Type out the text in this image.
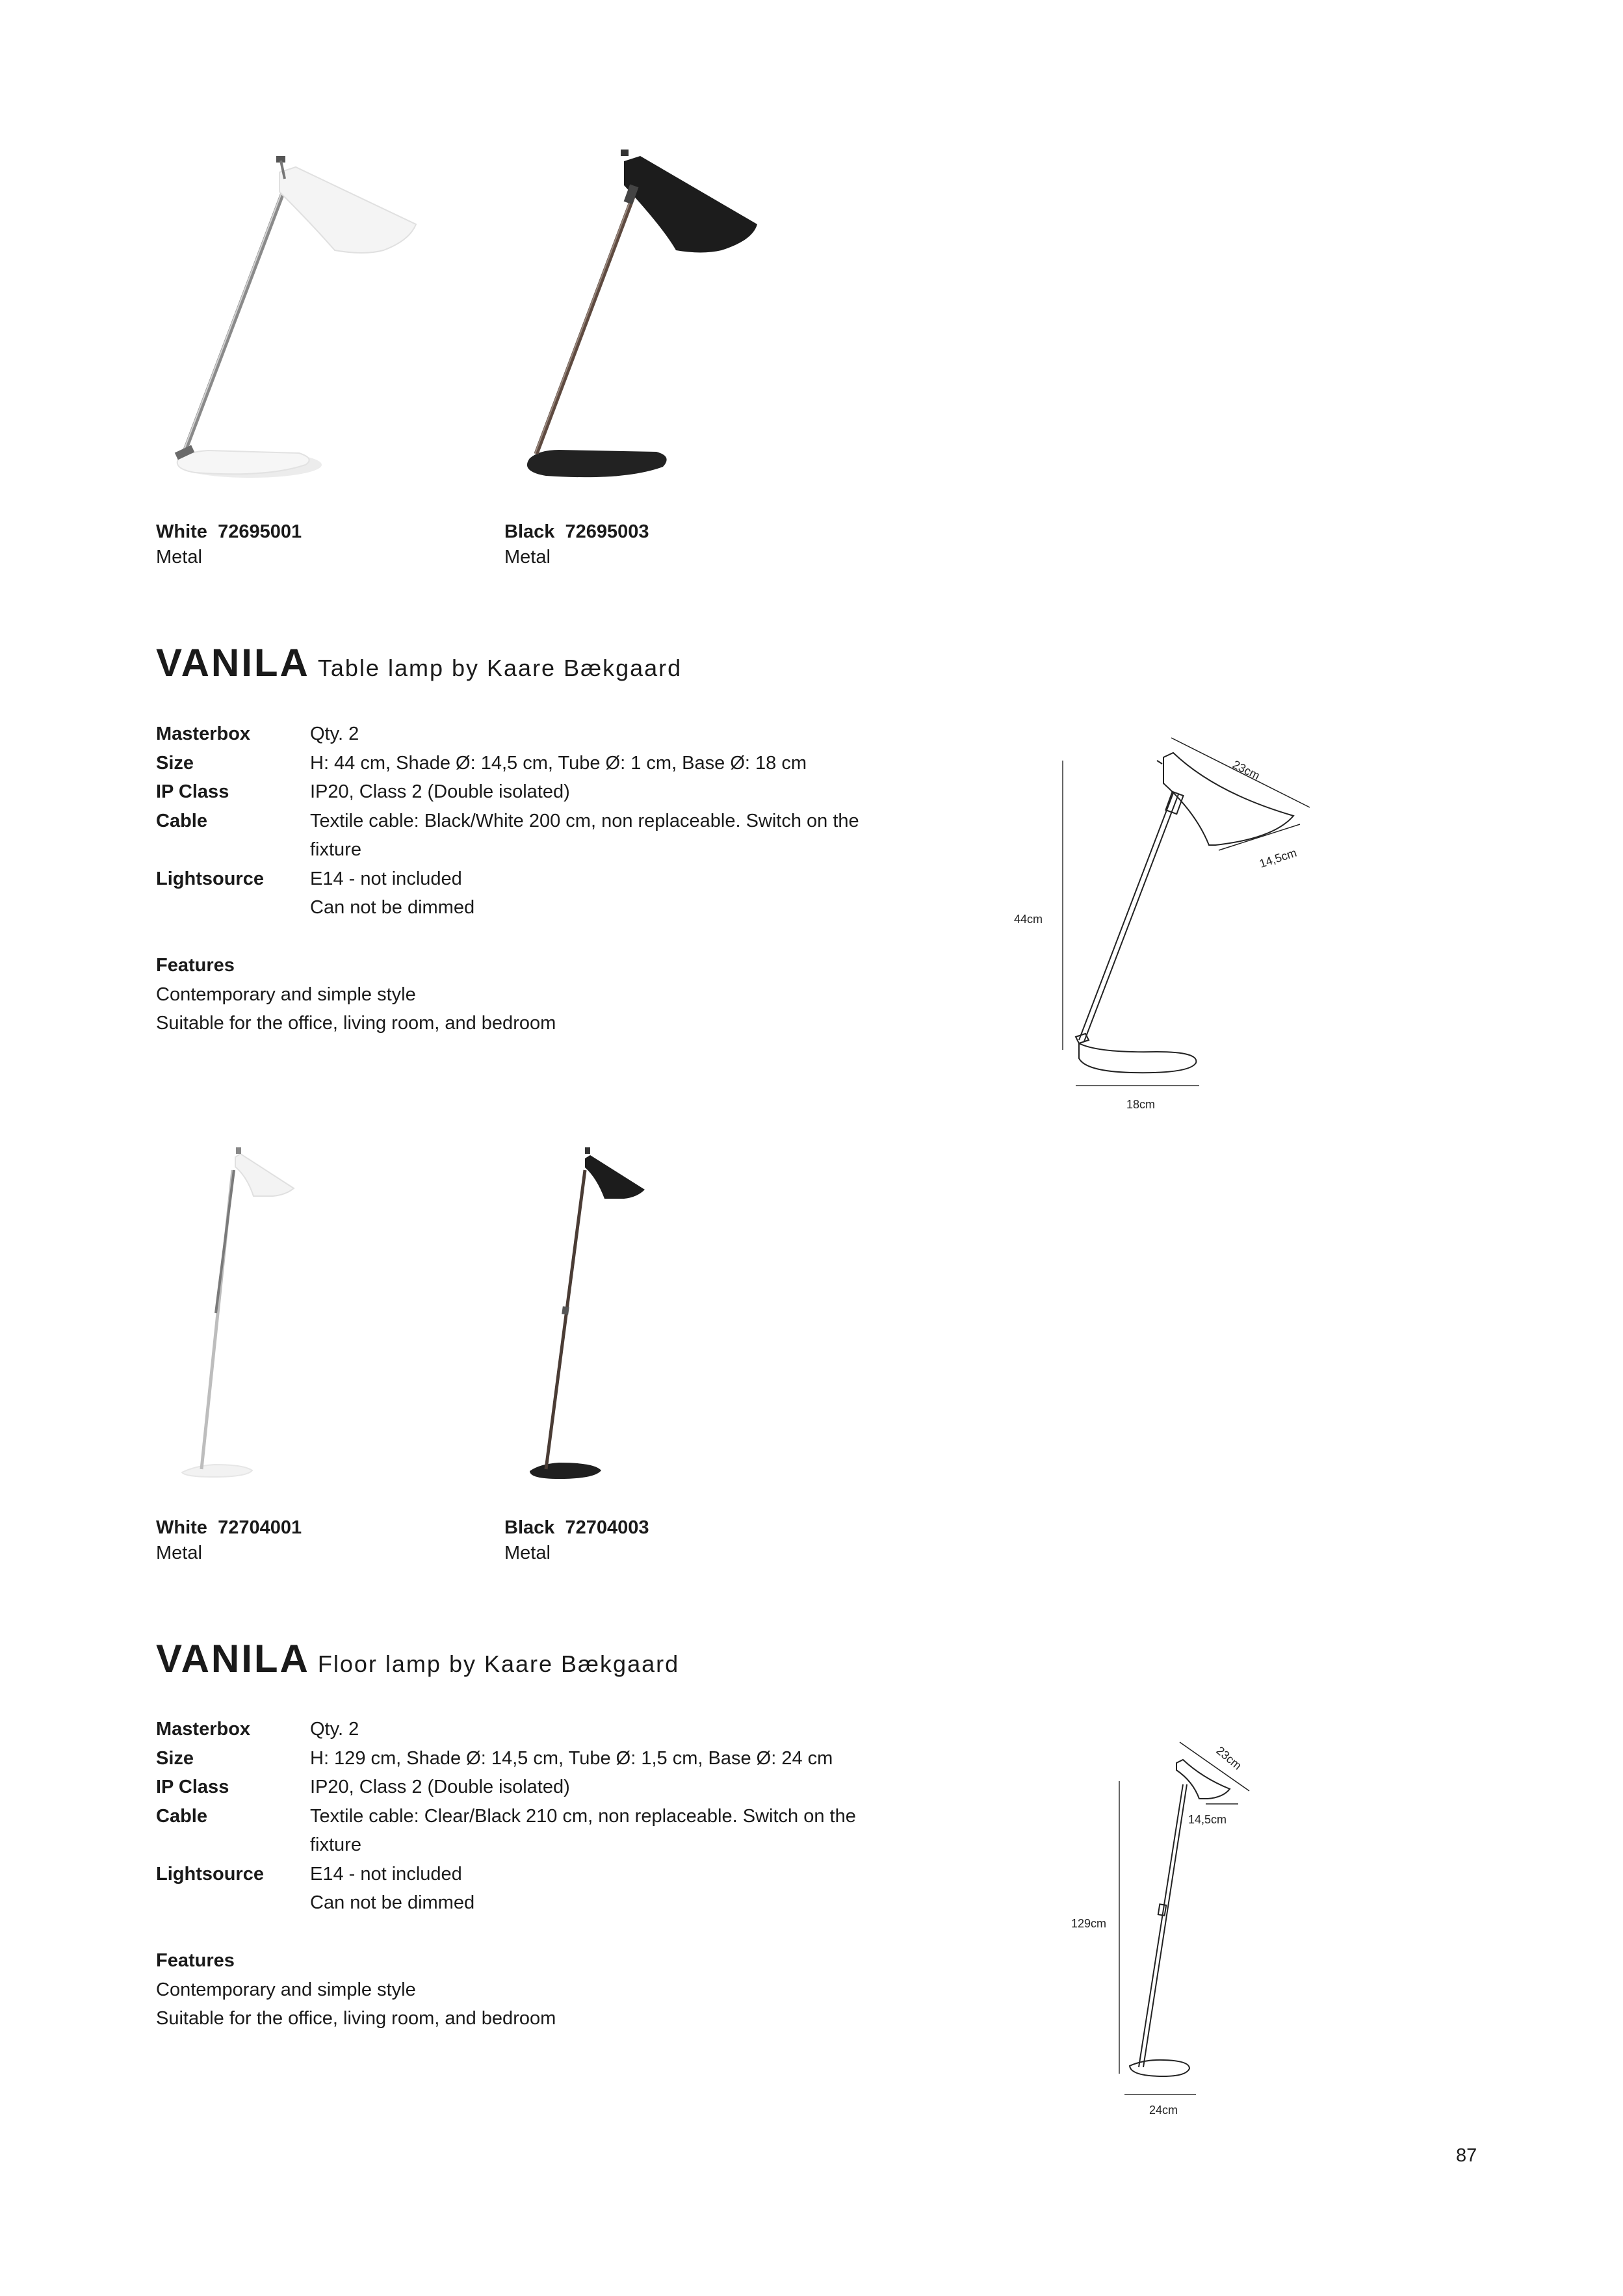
White 72695001
Metal
Black 72695003
Metal
VANILA Table lamp by Kaare Bækgaard
Masterbox	Qty. 2
Size	H: 44 cm, Shade Ø: 14,5 cm, Tube Ø: 1 cm, Base Ø: 18 cm
IP Class	IP20, Class 2 (Double isolated)
Cable	Textile cable: Black/White 200 cm, non replaceable. Switch on the fixture
Lightsource	E14 - not included
Can not be dimmed
Features
Contemporary and simple style
Suitable for the office, living room, and bedroom
44cm
23cm
14,5cm
18cm
White 72704001
Metal
Black 72704003
Metal
VANILA Floor lamp by Kaare Bækgaard
Masterbox	Qty. 2
Size	H: 129 cm, Shade Ø: 14,5 cm, Tube Ø: 1,5 cm, Base Ø: 24 cm
IP Class	IP20, Class 2 (Double isolated)
Cable	Textile cable: Clear/Black 210 cm, non replaceable. Switch on the fixture
Lightsource	E14 - not included
Can not be dimmed
Features
Contemporary and simple style
Suitable for the office, living room, and bedroom
129cm
23cm
14,5cm
24cm
87
